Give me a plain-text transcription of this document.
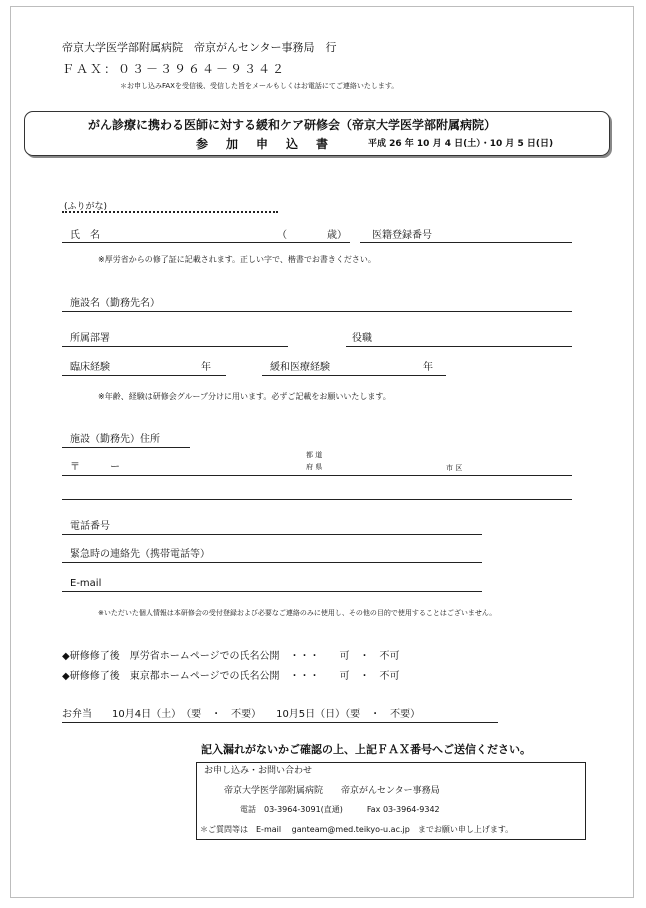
帝京大学医学部附属病院　帝京がんセンター事務局　行
ＦＡＸ：０３－３９６４－９３４２
＊お申し込みFAXを受信後、受信した旨をメールもしくはお電話にてご連絡いたします。
がん診療に携わる医師に対する緩和ケア研修会（帝京大学医学部附属病院）
参　加　申　込　書	平成 26 年 10 月 4 日(土）・10 月 5 日(日)
(ふりがな)
氏　名	（　　　　歳）	医籍登録番号
※厚労省からの修了証に記載されます。正しい字で、楷書でお書きください。
施設名（勤務先名）
所属部署	役職
臨床経験	年	緩和医療経験	年
※年齢、経験は研修会グループ分けに用います。必ずご記載をお願いいたします。
施設（勤務先）住所
〒　　　ー
都 道
府 県	市 区
電話番号
緊急時の連絡先（携帯電話等）
E-mail
※いただいた個人情報は本研修会の受付登録および必要なご連絡のみに使用し、その他の目的で使用することはございません。
◆研修修了後　厚労省ホームページでの氏名公開　・・・　　可　・　不可
◆研修修了後　東京都ホームページでの氏名公開　・・・　　可　・　不可
お弁当　　10月4日（土）　（要　・　不要）　　10月5日（日）（要　・　不要）
記入漏れがないかご確認の上、上記ＦＡＸ番号へご送信ください。
お申し込み・お問い合わせ
帝京大学医学部附属病院　　帝京がんセンター事務局
電話　03-3964-3091(直通)　　　Fax 03-3964-9342
＊ご質問等は　E-mail　 ganteam@med.teikyo-u.ac.jp　までお願い申し上げます。
